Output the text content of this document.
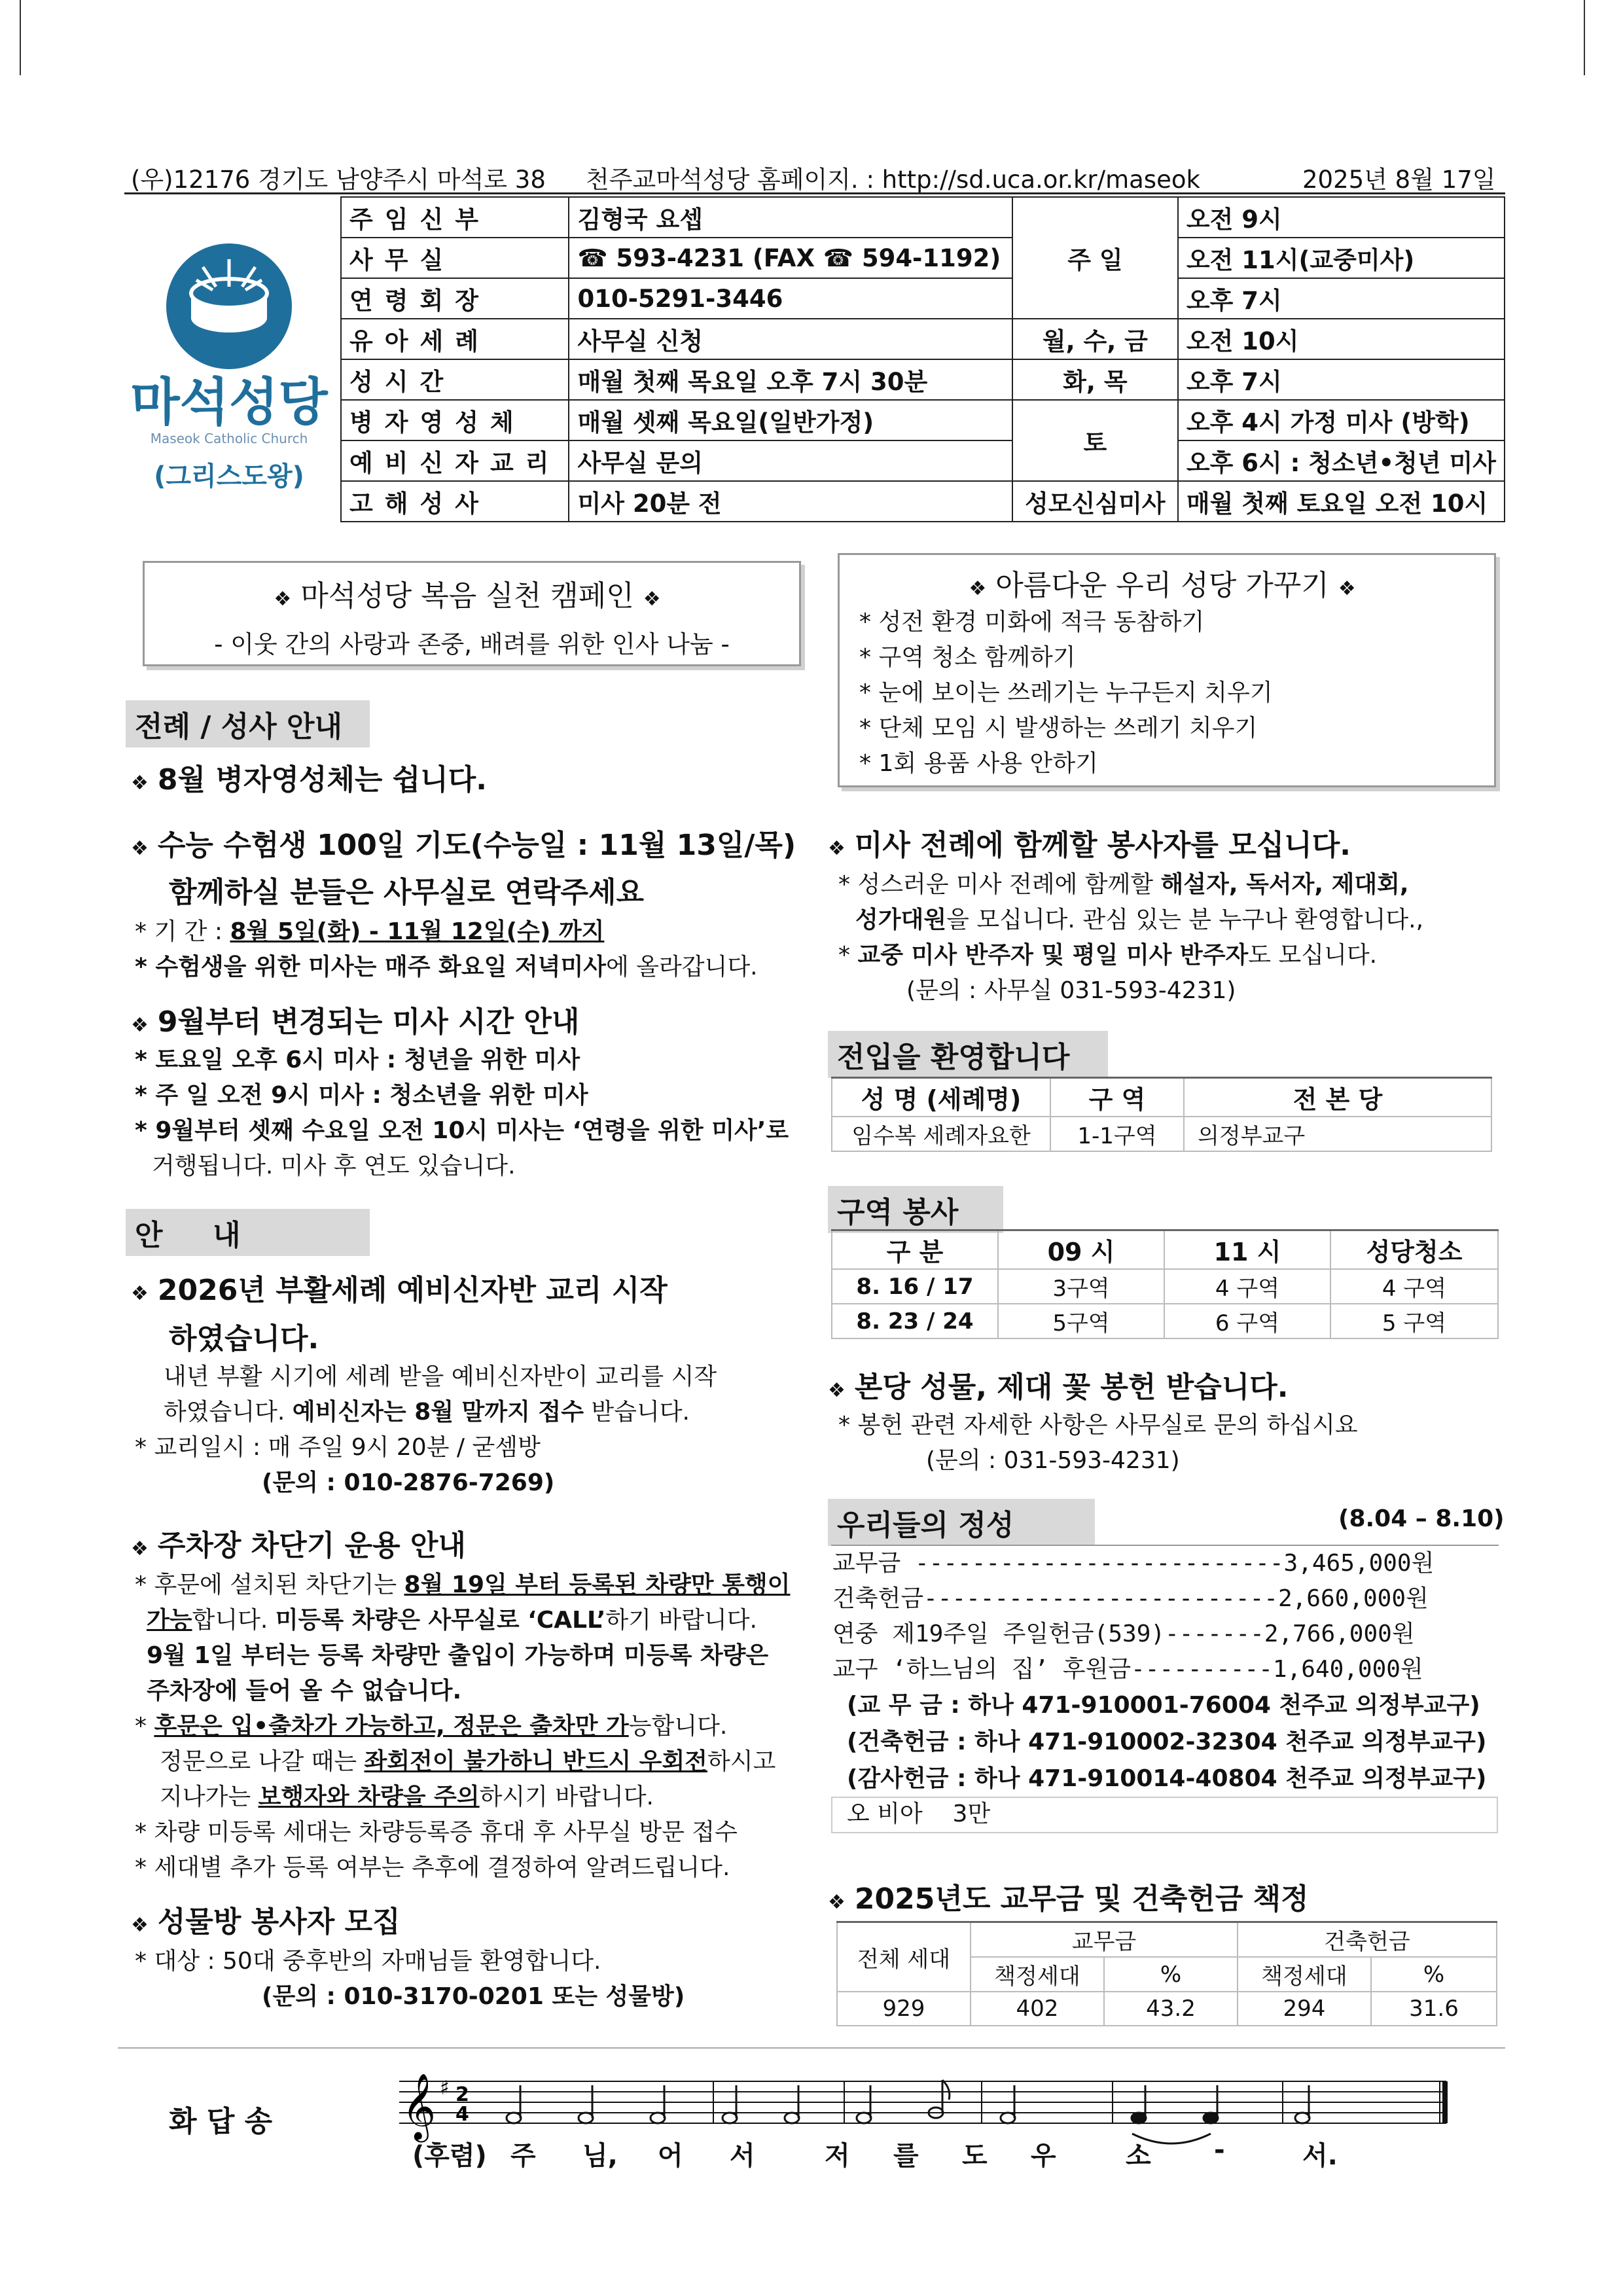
(우)12176 경기도 남양주시 마석로 38 천주교마석성당 홈페이지. : http://sd.uca.or.kr/maseok	2025년 8월 17일
마석성당
Maseok Catholic Church
(그리스도왕)
주임신부	김형국 요셉	주 일	오전 9시
사무실	☎ 593-4231 (FAX ☎ 594-1192)		오전 11시(교중미사)
연령회장	010-5291-3446		오후 7시
유아세례	사무실 신청	월, 수, 금	오전 10시
성시간	매월 첫째 목요일 오후 7시 30분	화, 목	오후 7시
병자영성체	매월 셋째 목요일(일반가정)	토	오후 4시 가정 미사 (방학)
예비신자교리	사무실 문의		오후 6시 : 청소년•청년 미사
고해성사	미사 20분 전	성모신심미사	매월 첫째 토요일 오전 10시
❖ 마석성당 복음 실천 캠페인 ❖
- 이웃 간의 사랑과 존중, 배려를 위한 인사 나눔 -
❖ 아름다운 우리 성당 가꾸기 ❖
* 성전 환경 미화에 적극 동참하기
* 구역 청소 함께하기
* 눈에 보이는 쓰레기는 누구든지 치우기
* 단체 모임 시 발생하는 쓰레기 치우기
* 1회 용품 사용 안하기
전례 / 성사 안내
❖ 8월 병자영성체는 쉽니다.
❖ 수능 수험생 100일 기도(수능일 : 11월 13일/목)
함께하실 분들은 사무실로 연락주세요
* 기 간 : 8월 5일(화) - 11월 12일(수) 까지
* 수험생을 위한 미사는 매주 화요일 저녁미사에 올라갑니다.
❖ 9월부터 변경되는 미사 시간 안내
* 토요일 오후 6시 미사 : 청년을 위한 미사
* 주 일 오전 9시 미사 : 청소년을 위한 미사
* 9월부터 셋째 수요일 오전 10시 미사는 ‘연령을 위한 미사’로
거행됩니다. 미사 후 연도 있습니다.
안     내
❖ 2026년 부활세례 예비신자반 교리 시작
하였습니다.
내년 부활 시기에 세례 받을 예비신자반이 교리를 시작
하였습니다. 예비신자는 8월 말까지 접수 받습니다.
* 교리일시 : 매 주일 9시 20분 / 굳셈방
(문의 : 010-2876-7269)
❖ 주차장 차단기 운용 안내
* 후문에 설치된 차단기는 8월 19일 부터 등록된 차량만 통행이
가능합니다. 미등록 차량은 사무실로 ‘CALL’하기 바랍니다.
9월 1일 부터는 등록 차량만 출입이 가능하며 미등록 차량은
주차장에 들어 올 수 없습니다.
* 후문은 입•출차가 가능하고, 정문은 출차만 가능합니다.
정문으로 나갈 때는 좌회전이 불가하니 반드시 우회전하시고
지나가는 보행자와 차량을 주의하시기 바랍니다.
* 차량 미등록 세대는 차량등록증 휴대 후 사무실 방문 접수
* 세대별 추가 등록 여부는 추후에 결정하여 알려드립니다.
❖ 성물방 봉사자 모집
* 대상 : 50대 중후반의 자매님들 환영합니다.
(문의 : 010-3170-0201 또는 성물방)
❖ 미사 전례에 함께할 봉사자를 모십니다.
* 성스러운 미사 전례에 함께할 해설자, 독서자, 제대회,
성가대원을 모십니다. 관심 있는 분 누구나 환영합니다.,
* 교중 미사 반주자 및 평일 미사 반주자도 모십니다.
(문의 : 사무실 031-593-4231)
전입을 환영합니다
성 명 (세례명)	구 역	전 본 당
임수복 세례자요한	1-1구역	의정부교구
구역 봉사
구 분	09 시	11 시	성당청소
8. 16 / 17	3구역	4 구역	4 구역
8. 23 / 24	5구역	6 구역	5 구역
❖ 본당 성물, 제대 꽃 봉헌 받습니다.
* 봉헌 관련 자세한 사항은 사무실로 문의 하십시요
(문의 : 031-593-4231)
우리들의 정성	(8.04 – 8.10)
교무금 --------------------------3,465,000원
건축헌금-------------------------2,660,000원
연중 제19주일 주일헌금(539)-------2,766,000원
교구 ‘하느님의 집’ 후원금----------1,640,000원
(교 무 금 : 하나 471-910001-76004 천주교 의정부교구)
(건축헌금 : 하나 471-910002-32304 천주교 의정부교구)
(감사헌금 : 하나 471-910014-40804 천주교 의정부교구)
오 비아    3만
❖ 2025년도 교무금 및 건축헌금 책정
전체 세대	교무금		건축헌금	
	책정세대	%	책정세대	%
929	402	43.2	294	31.6
화 답 송 𝄞 ♯ 2
4
(후렴) 주 님, 어 서	저 를 도 우	소 -	서.
